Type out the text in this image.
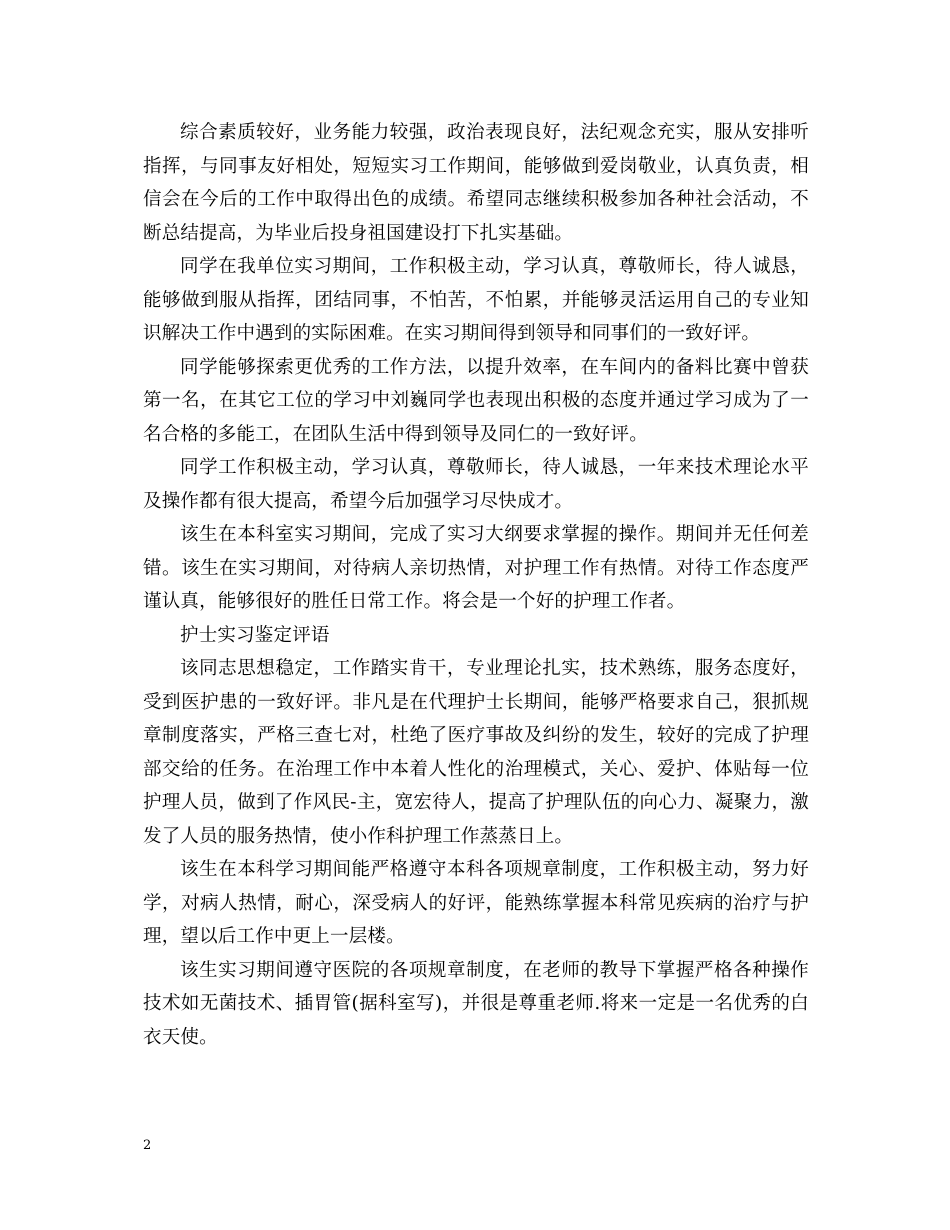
综合素质较好，业务能力较强，政治表现良好，法纪观念充实，服从安排听指挥，与同事友好相处，短短实习工作期间，能够做到爱岗敬业，认真负责，相信会在今后的工作中取得出色的成绩。希望同志继续积极参加各种社会活动，不断总结提高，为毕业后投身祖国建设打下扎实基础。

同学在我单位实习期间，工作积极主动，学习认真，尊敬师长，待人诚恳，能够做到服从指挥，团结同事，不怕苦，不怕累，并能够灵活运用自己的专业知识解决工作中遇到的实际困难。在实习期间得到领导和同事们的一致好评。

同学能够探索更优秀的工作方法，以提升效率，在车间内的备料比赛中曾获第一名，在其它工位的学习中刘巍同学也表现出积极的态度并通过学习成为了一名合格的多能工，在团队生活中得到领导及同仁的一致好评。

同学工作积极主动，学习认真，尊敬师长，待人诚恳，一年来技术理论水平及操作都有很大提高，希望今后加强学习尽快成才。

该生在本科室实习期间，完成了实习大纲要求掌握的操作。期间并无任何差错。该生在实习期间，对待病人亲切热情，对护理工作有热情。对待工作态度严谨认真，能够很好的胜任日常工作。将会是一个好的护理工作者。

护士实习鉴定评语

该同志思想稳定，工作踏实肯干，专业理论扎实，技术熟练，服务态度好，受到医护患的一致好评。非凡是在代理护士长期间，能够严格要求自己，狠抓规章制度落实，严格三查七对，杜绝了医疗事故及纠纷的发生，较好的完成了护理部交给的任务。在治理工作中本着人性化的治理模式，关心、爱护、体贴每一位护理人员，做到了作风民-主，宽宏待人，提高了护理队伍的向心力、凝聚力，激发了人员的服务热情，使小作科护理工作蒸蒸日上。

该生在本科学习期间能严格遵守本科各项规章制度，工作积极主动，努力好学，对病人热情，耐心，深受病人的好评，能熟练掌握本科常见疾病的治疗与护理，望以后工作中更上一层楼。

该生实习期间遵守医院的各项规章制度，在老师的教导下掌握严格各种操作技术如无菌技术、插胃管(据科室写)，并很是尊重老师.将来一定是一名优秀的白衣天使。

2
